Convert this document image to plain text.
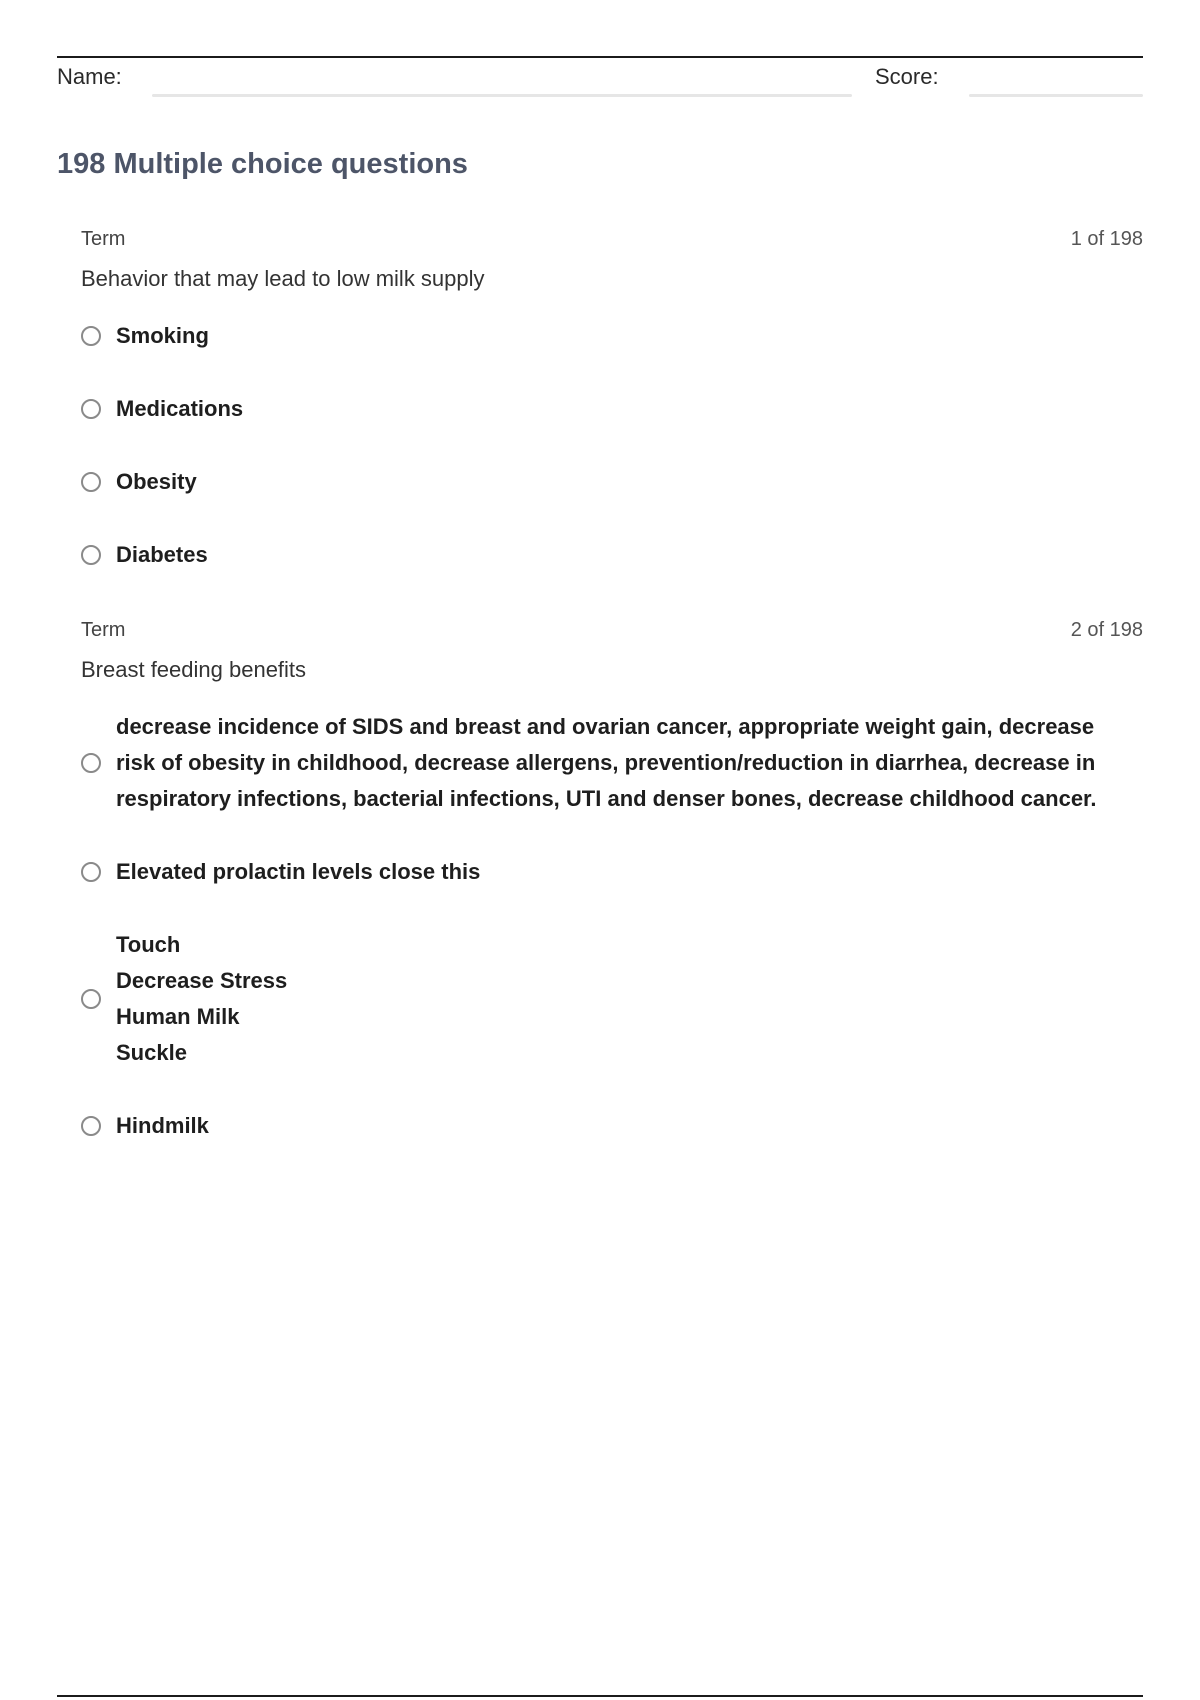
Name:	Score:
198 Multiple choice questions
Term	1 of 198
Behavior that may lead to low milk supply
Smoking
Medications
Obesity
Diabetes
Term	2 of 198
Breast feeding benefits
decrease incidence of SIDS and breast and ovarian cancer, appropriate weight gain, decrease risk of obesity in childhood, decrease allergens, prevention/reduction in diarrhea, decrease in respiratory infections, bacterial infections, UTI and denser bones, decrease childhood cancer.
Elevated prolactin levels close this
Touch
Decrease Stress
Human Milk
Suckle
Hindmilk
